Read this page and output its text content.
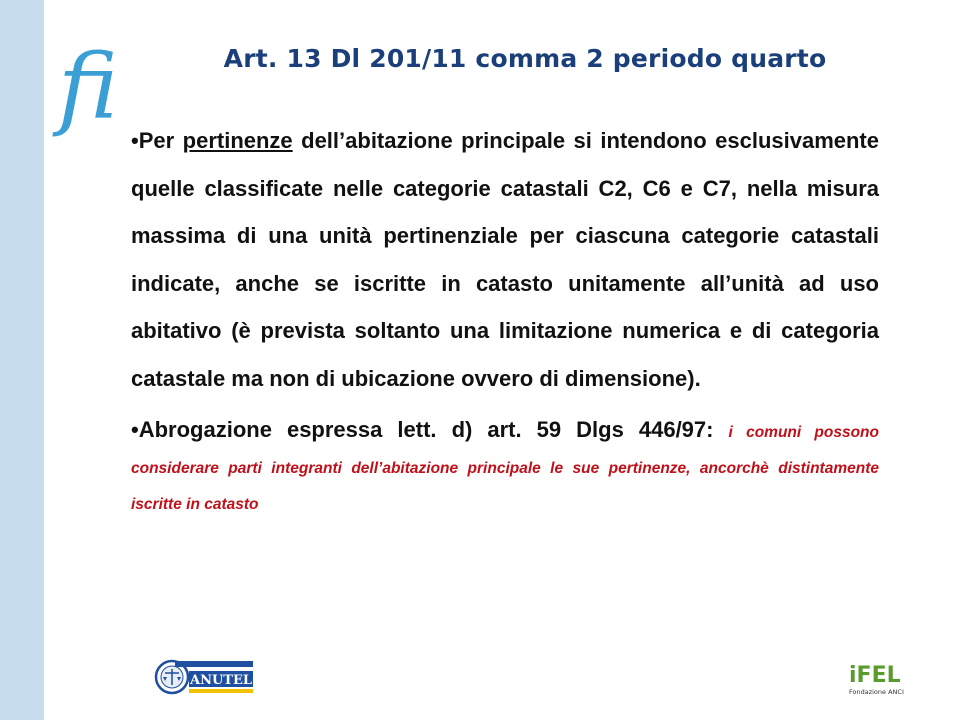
fi	Art. 13 Dl 201/11 comma 2 periodo quarto

•Per pertinenze dell’abitazione principale si intendono esclusivamente quelle classificate nelle categorie catastali C2, C6 e C7, nella misura massima di una unità pertinenziale per ciascuna categorie catastali indicate, anche se iscritte in catasto unitamente all’unità ad uso abitativo (è prevista soltanto una limitazione numerica e di categoria catastale ma non di ubicazione ovvero di dimensione).

•Abrogazione espressa lett. d) art. 59 Dlgs 446/97: i comuni possono considerare parti integranti dell’abitazione principale le sue pertinenze, ancorchè distintamente iscritte in catasto

ANUTEL	iFEL
Fondazione ANCI
